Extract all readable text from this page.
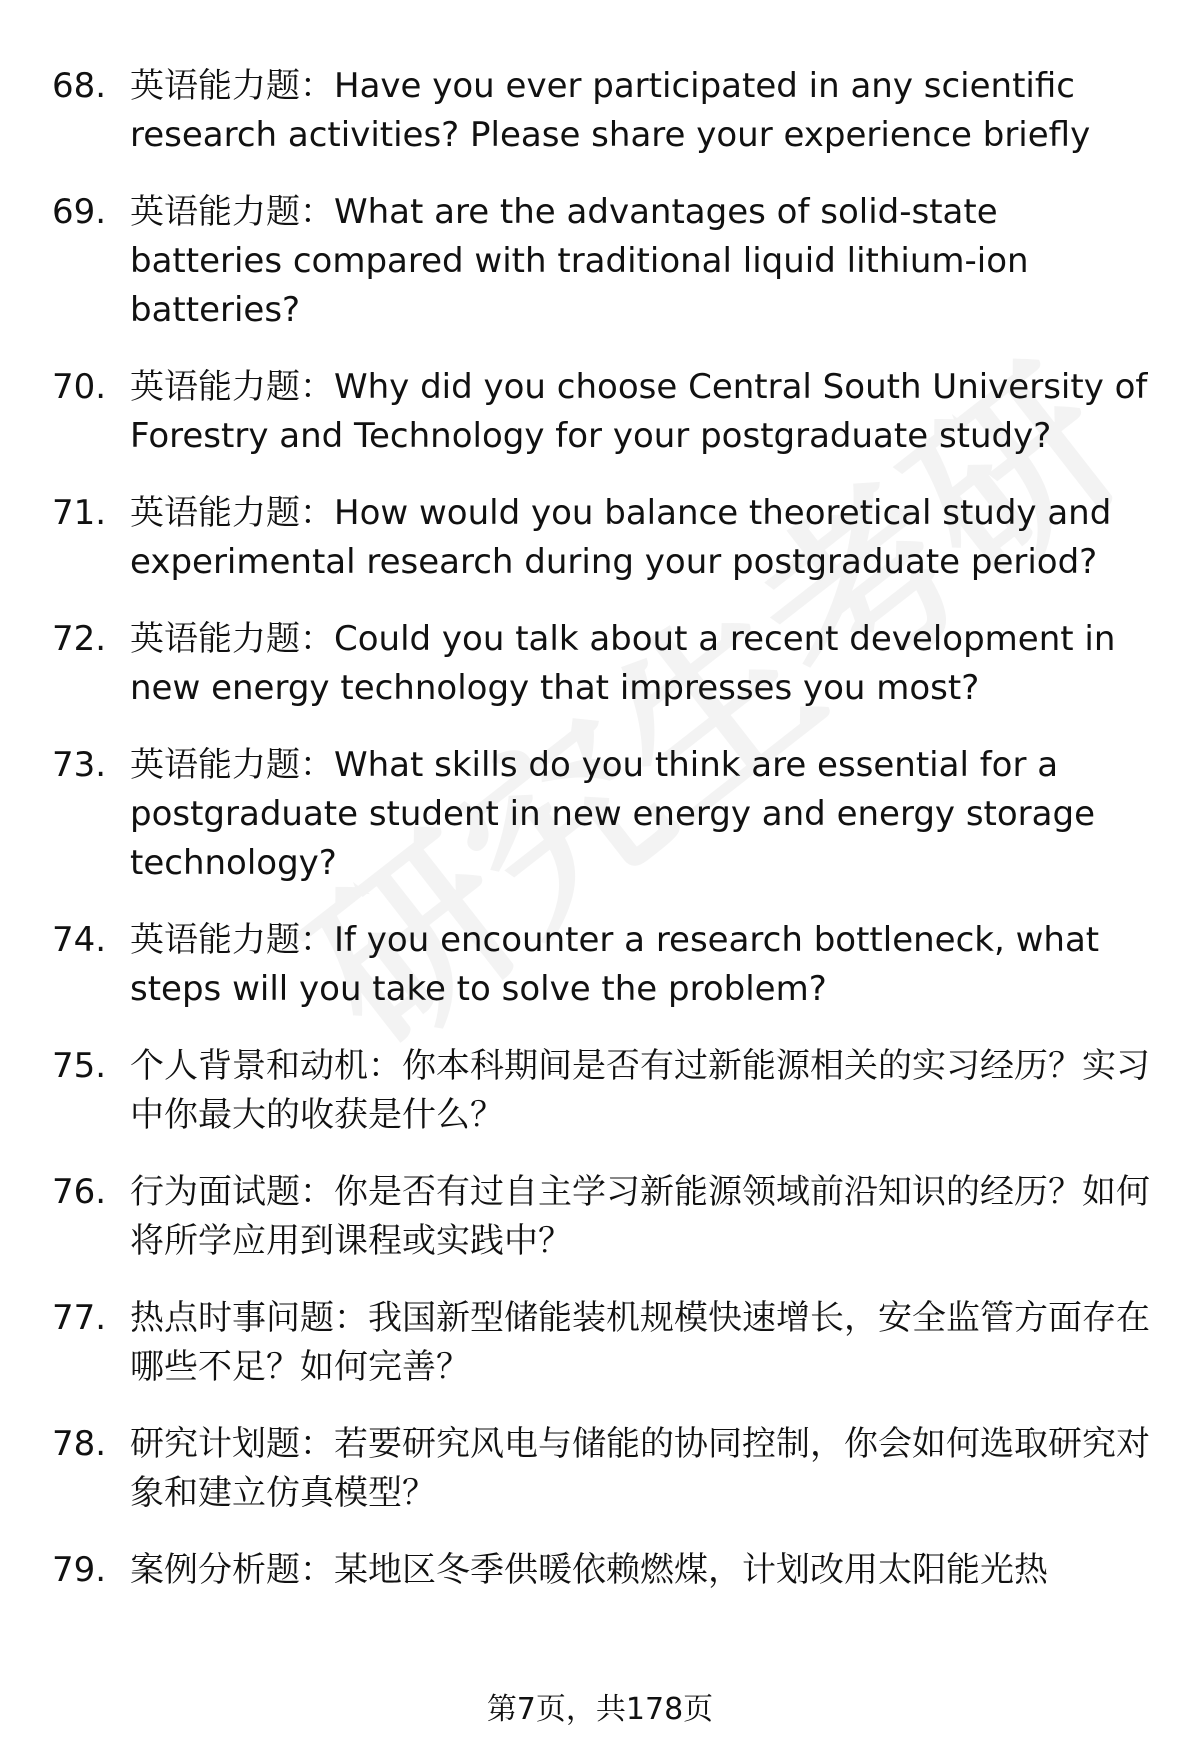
68. 英语能力题：Have you ever participated in any scientific research activities? Please share your experience briefly
69. 英语能力题：What are the advantages of solid-state batteries compared with traditional liquid lithium-ion batteries?
70. 英语能力题：Why did you choose Central South University of Forestry and Technology for your postgraduate study?
71. 英语能力题：How would you balance theoretical study and experimental research during your postgraduate period?
72. 英语能力题：Could you talk about a recent development in new energy technology that impresses you most?
73. 英语能力题：What skills do you think are essential for a postgraduate student in new energy and energy storage technology?
74. 英语能力题：If you encounter a research bottleneck, what steps will you take to solve the problem?
75. 个人背景和动机：你本科期间是否有过新能源相关的实习经历？实习中你最大的收获是什么？
76. 行为面试题：你是否有过自主学习新能源领域前沿知识的经历？如何将所学应用到课程或实践中？
77. 热点时事问题：我国新型储能装机规模快速增长，安全监管方面存在哪些不足？如何完善？
78. 研究计划题：若要研究风电与储能的协同控制，你会如何选取研究对象和建立仿真模型？
79. 案例分析题：某地区冬季供暖依赖燃煤，计划改用太阳能光热
第7页，共178页
